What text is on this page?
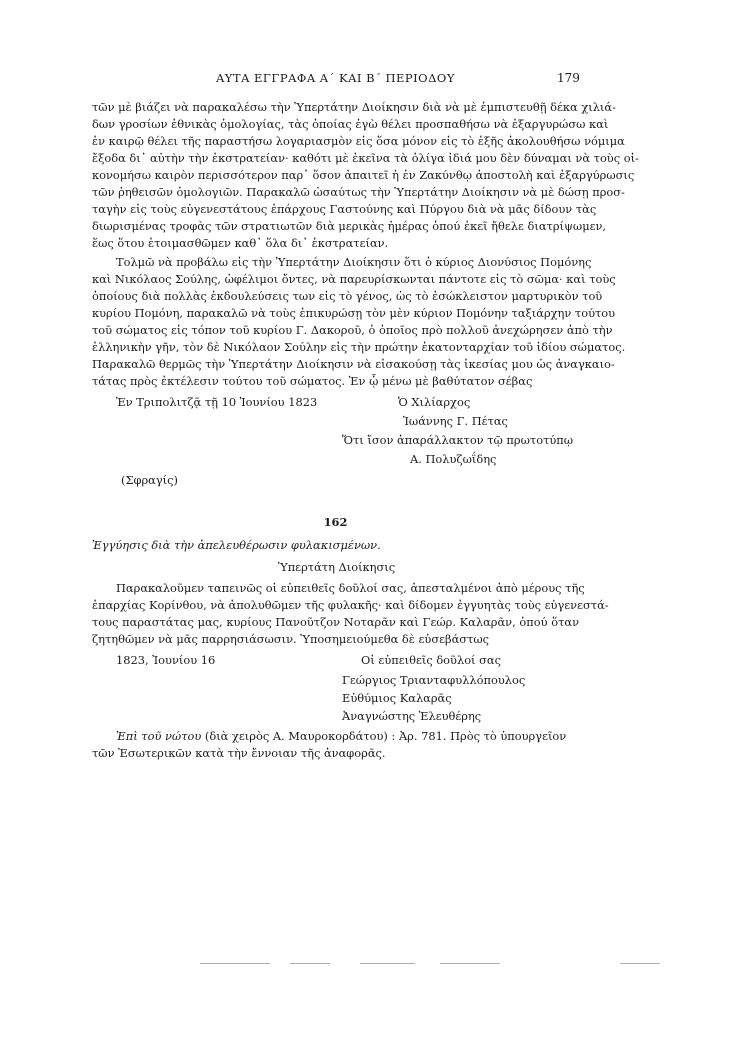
ΑΥΤΑ ΕΓΓΡΑΦΑ Α΄ ΚΑΙ Β΄ ΠΕΡΙΟΔΟΥ	179
τῶν μὲ βιάζει νὰ παρακαλέσω τὴν Ὑπερτάτην Διοίκησιν διὰ νὰ μὲ ἐμπιστευθῇ δέκα χιλιά-
δων γροσίων ἐθνικὰς ὁμολογίας, τὰς ὁποίας ἐγὼ θέλει προσπαθήσω νὰ ἐξαργυρώσω καὶ
ἐν καιρῷ θέλει τῆς παραστήσω λογαριασμὸν εἰς ὅσα μόνον εἰς τὸ ἑξῆς ἀκολουθήσω νόμιμα
ἔξοδα δι᾿ αὐτὴν τὴν ἐκστρατείαν· καθότι μὲ ἐκεῖνα τὰ ὀλίγα ἰδιά μου δὲν δύναμαι νὰ τοὺς οἰ-
κονομήσω καιρὸν περισσότερον παρ᾿ ὅσον ἀπαιτεῖ ἡ ἐν Ζακύνθῳ ἀποστολὴ καὶ ἐξαργύρωσις
τῶν ῥηθεισῶν ὁμολογιῶν. Παρακαλῶ ὡσαύτως τὴν Ὑπερτάτην Διοίκησιν νὰ μὲ δώσῃ προσ-
ταγὴν εἰς τοὺς εὐγενεστάτους ἐπάρχους Γαστούνης καὶ Πύργου διὰ νὰ μᾶς δίδουν τὰς
διωρισμένας τροφὰς τῶν στρατιωτῶν διὰ μερικὰς ἡμέρας ὁπού ἐκεῖ ἤθελε διατρίψωμεν,
ἕως ὅτου ἑτοιμασθῶμεν καθ᾿ ὅλα δι᾿ ἐκστρατείαν.
Τολμῶ νὰ προβάλω εἰς τὴν Ὑπερτάτην Διοίκησιν ὅτι ὁ κύριος Διονύσιος Πομόνης
καὶ Νικόλαος Σούλης, ὠφέλιμοι ὄντες, νὰ παρευρίσκωνται πάντοτε εἰς τὸ σῶμα· καὶ τοὺς
ὁποίους διὰ πολλὰς ἐκδουλεύσεις των εἰς τὸ γένος, ὡς τὸ ἐσώκλειστον μαρτυρικὸν τοῦ
κυρίου Πομόνη, παρακαλῶ νὰ τοὺς ἐπικυρώσῃ τὸν μὲν κύριον Πομόνην ταξιάρχην τούτου
τοῦ σώματος εἰς τόπον τοῦ κυρίου Γ. Δακοροῦ, ὁ ὁποῖος πρὸ πολλοῦ ἀνεχώρησεν ἀπὸ τὴν
ἑλληνικὴν γῆν, τὸν δὲ Νικόλαον Σούλην εἰς τὴν πρώτην ἑκατονταρχίαν τοῦ ἰδίου σώματος.
Παρακαλῶ θερμῶς τὴν Ὑπερτάτην Διοίκησιν νὰ εἰσακούσῃ τὰς ἱκεσίας μου ὡς ἀναγκαιο-
τάτας πρὸς ἐκτέλεσιν τούτου τοῦ σώματος. Ἐν ᾧ μένω μὲ βαθύτατον σέβας
Ἐν Τριπολιτζᾷ τῇ 10 Ἰουνίου 1823	Ὁ Χιλίαρχος
Ἰωάννης Γ. Πέτας
Ὅτι ἴσον ἀπαράλλακτον τῷ πρωτοτύπῳ
Α. Πολυζωΐδης
(Σφραγίς)
162
Ἐγγύησις διὰ τὴν ἀπελευθέρωσιν φυλακισμένων.
Ὑπερτάτη Διοίκησις
Παρακαλοῦμεν ταπεινῶς οἱ εὐπειθεῖς δοῦλοί σας, ἀπεσταλμένοι ἀπὸ μέρους τῆς
ἐπαρχίας Κορίνθου, νὰ ἀπολυθῶμεν τῆς φυλακῆς· καὶ δίδομεν ἐγγυητὰς τοὺς εὐγενεστά-
τους παραστάτας μας, κυρίους Πανοῦτζον Νοταρᾶν καὶ Γεώρ. Καλαρᾶν, ὁπού ὅταν
ζητηθῶμεν νὰ μᾶς παρρησιάσωσιν. Ὑποσημειούμεθα δὲ εὐσεβάστως
1823, Ἰουνίου 16	Οἱ εὐπειθεῖς δοῦλοί σας
Γεώργιος Τριανταφυλλόπουλος
Εὐθύμιος Καλαρᾶς
Ἀναγνώστης Ἐλευθέρης
Ἐπὶ τοῦ νώτου (διὰ χειρὸς Α. Μαυροκορδάτου) : Ἀρ. 781. Πρὸς τὸ ὑπουργεῖον
τῶν Ἐσωτερικῶν κατὰ τὴν ἔννοιαν τῆς ἀναφορᾶς.
